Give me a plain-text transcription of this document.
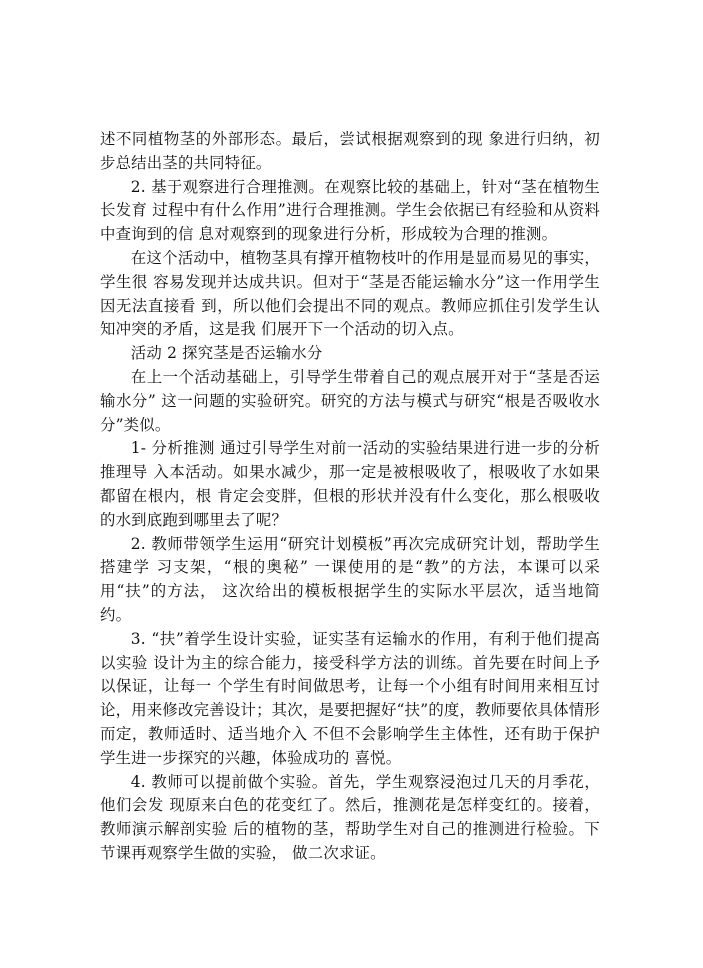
述不同植物茎的外部形态。最后，尝试根据观察到的现 象进行归纳，初步总结出茎的共同特征。

2. 基于观察进行合理推测。在观察比较的基础上，针对“茎在植物生长发育 过程中有什么作用”进行合理推测。学生会依据已有经验和从资料中查询到的信 息对观察到的现象进行分析，形成较为合理的推测。

在这个活动中，植物茎具有撑开植物枝叶的作用是显而易见的事实，学生很 容易发现并达成共识。但对于“茎是否能运输水分”这一作用学生因无法直接看 到，所以他们会提出不同的观点。教师应抓住引发学生认知冲突的矛盾，这是我 们展开下一个活动的切入点。

活动 2 探究茎是否运输水分

在上一个活动基础上，引导学生带着自己的观点展开对于“茎是否运输水分” 这一问题的实验研究。研究的方法与模式与研究“根是否吸收水分”类似。

1- 分析推测 通过引导学生对前一活动的实验结果进行进一步的分析推理导 入本活动。如果水减少，那一定是被根吸收了，根吸收了水如果都留在根内，根 肯定会变胖，但根的形状并没有什么变化，那么根吸收的水到底跑到哪里去了呢？

2. 教师带领学生运用“研究计划模板”再次完成研究计划，帮助学生搭建学 习支架，“根的奥秘” 一课使用的是“教”的方法，本课可以采用“扶”的方法， 这次给出的模板根据学生的实际水平层次，适当地简约。

3. “扶”着学生设计实验，证实茎有运输水的作用，有利于他们提高以实验 设计为主的综合能力，接受科学方法的训练。首先要在时间上予以保证，让每一 个学生有时间做思考，让每一个小组有时间用来相互讨论，用来修改完善设计；其次，是要把握好“扶”的度，教师要依具体情形而定，教师适时、适当地介入 不但不会影响学生主体性，还有助于保护学生进一步探究的兴趣，体验成功的 喜悦。

4. 教师可以提前做个实验。首先，学生观察浸泡过几天的月季花，他们会发 现原来白色的花变红了。然后，推测花是怎样变红的。接着，教师演示解剖实验 后的植物的茎，帮助学生对自己的推测进行检验。下节课再观察学生做的实验， 做二次求证。
